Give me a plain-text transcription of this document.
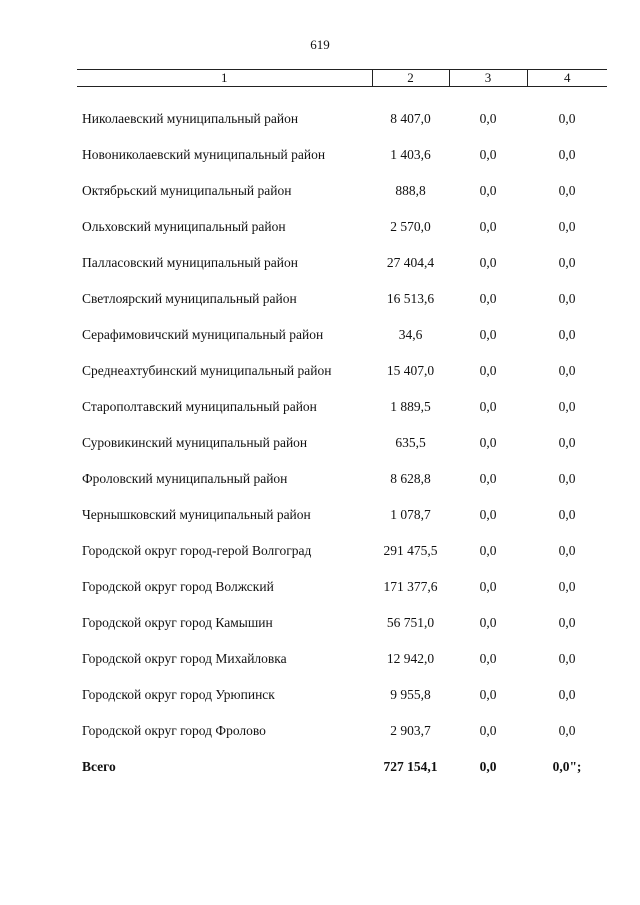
619
1	2	3	4
Николаевский муниципальный район	8 407,0	0,0	0,0
Новониколаевский муниципальный район	1 403,6	0,0	0,0
Октябрьский муниципальный район	888,8	0,0	0,0
Ольховский муниципальный район	2 570,0	0,0	0,0
Палласовский муниципальный район	27 404,4	0,0	0,0
Светлоярский муниципальный район	16 513,6	0,0	0,0
Серафимовичский муниципальный район	34,6	0,0	0,0
Среднеахтубинский муниципальный район	15 407,0	0,0	0,0
Старополтавский муниципальный район	1 889,5	0,0	0,0
Суровикинский муниципальный район	635,5	0,0	0,0
Фроловский муниципальный район	8 628,8	0,0	0,0
Чернышковский муниципальный район	1 078,7	0,0	0,0
Городской округ город-герой Волгоград	291 475,5	0,0	0,0
Городской округ город Волжский	171 377,6	0,0	0,0
Городской округ город Камышин	56 751,0	0,0	0,0
Городской округ город Михайловка	12 942,0	0,0	0,0
Городской округ город Урюпинск	9 955,8	0,0	0,0
Городской округ город Фролово	2 903,7	0,0	0,0
Всего	727 154,1	0,0	0,0";
